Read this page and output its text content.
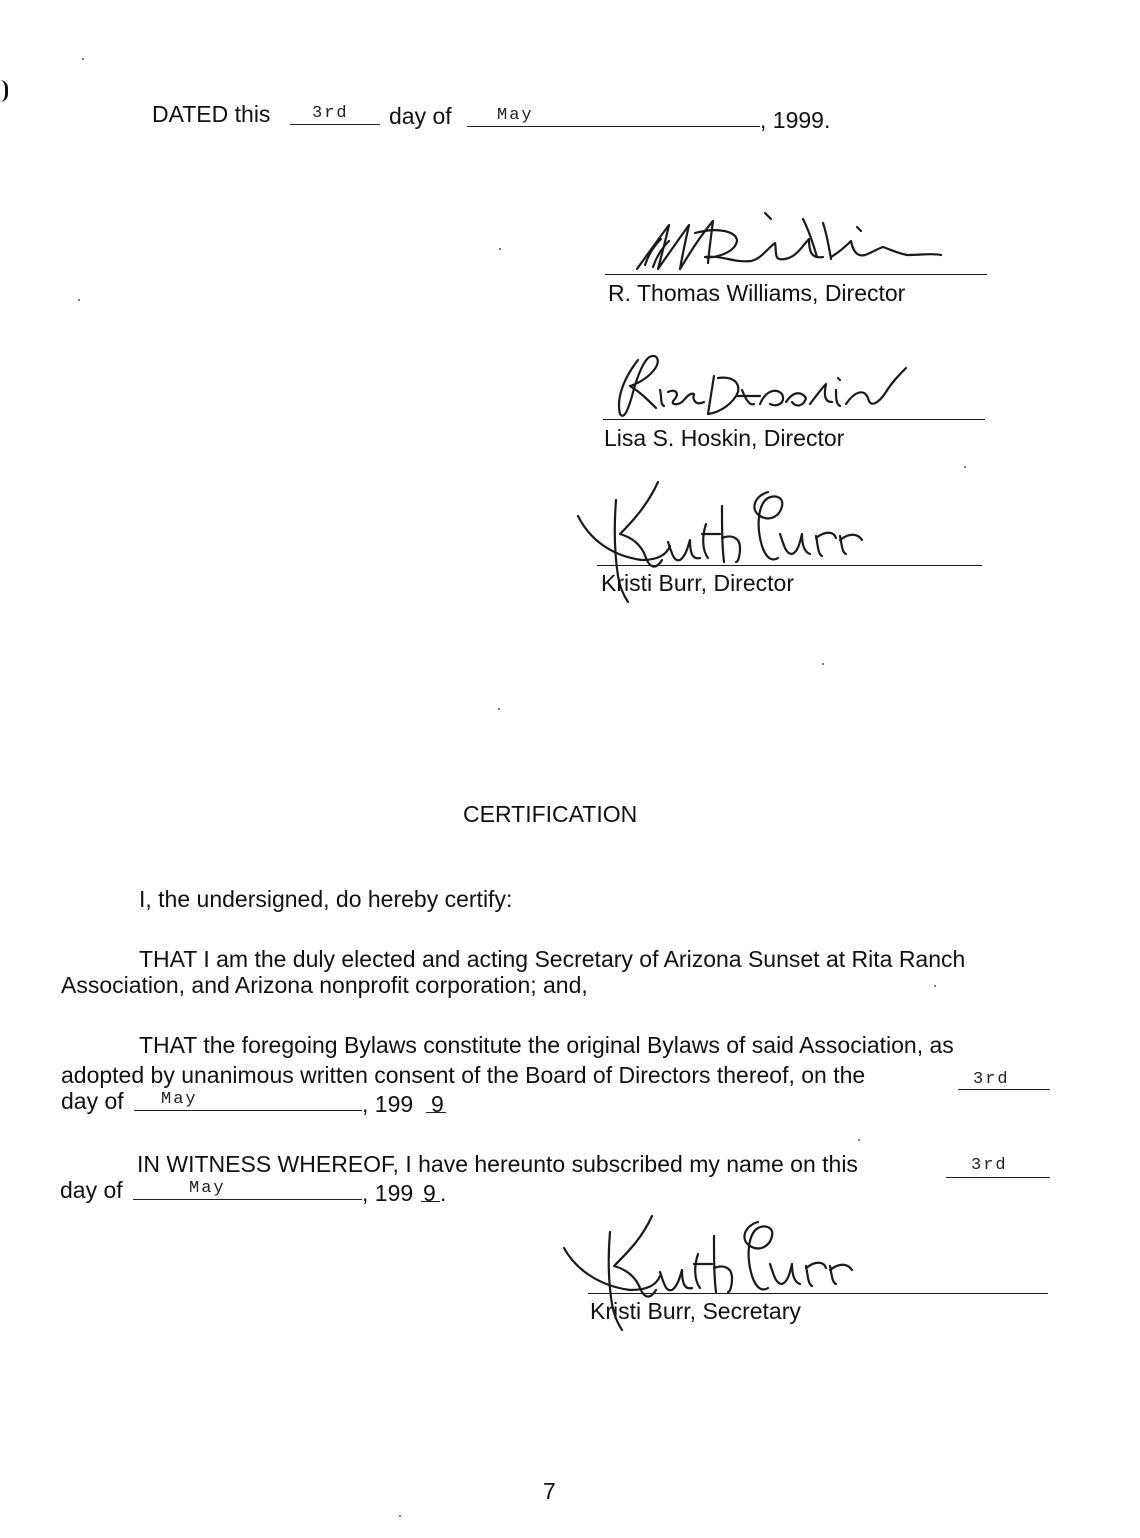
DATED this 3rd day of	May	, 1999.
R. Thomas Williams, Director
Lisa S. Hoskin, Director
Kristi Burr, Director
CERTIFICATION
I, the undersigned, do hereby certify:
THAT I am the duly elected and acting Secretary of Arizona Sunset at Rita Ranch
Association, and Arizona nonprofit corporation; and,
THAT the foregoing Bylaws constitute the original Bylaws of said Association, as
adopted by unanimous written consent of the Board of Directors thereof, on the	3rd
day of May	, 199 9
IN WITNESS WHEREOF, I have hereunto subscribed my name on this	3rd
day of	May	, 199 9 .
Kristi Burr, Secretary
7
